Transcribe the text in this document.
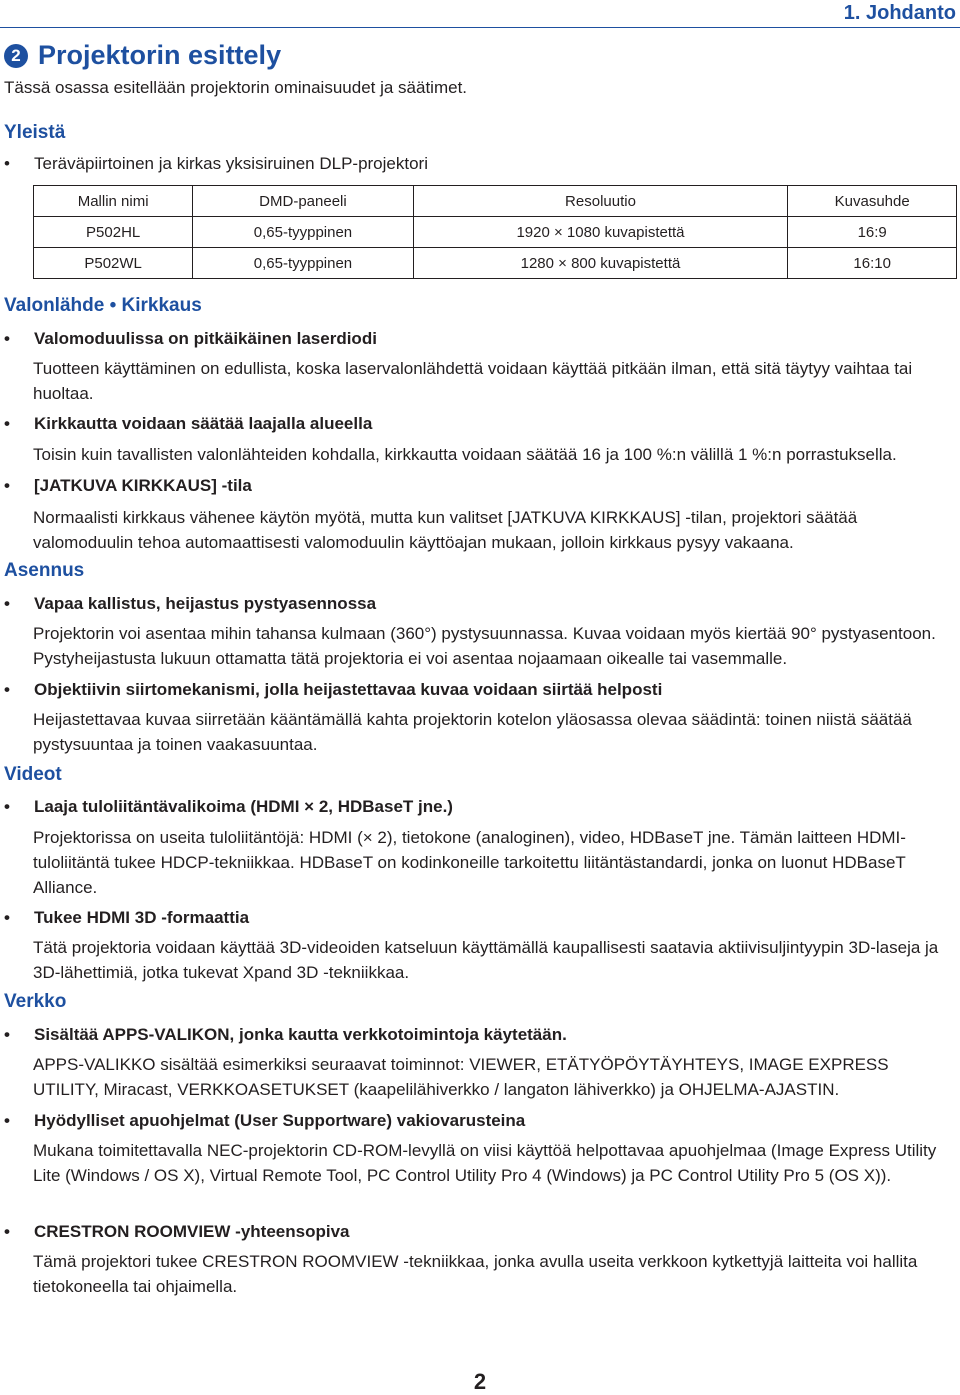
1. Johdanto
2 Projektorin esittely
Tässä osassa esitellään projektorin ominaisuudet ja säätimet.
Yleistä
• Teräväpiirtoinen ja kirkas yksisiruinen DLP-projektori
Mallin nimi	DMD-paneeli	Resoluutio	Kuvasuhde
P502HL	0,65-tyyppinen	1920 × 1080 kuvapistettä	16:9
P502WL	0,65-tyyppinen	1280 × 800 kuvapistettä	16:10
Valonlähde • Kirkkaus
• Valomoduulissa on pitkäikäinen laserdiodi
Tuotteen käyttäminen on edullista, koska laservalonlähdettä voidaan käyttää pitkään ilman, että sitä täytyy vaihtaa tai huoltaa.
• Kirkkautta voidaan säätää laajalla alueella
Toisin kuin tavallisten valonlähteiden kohdalla, kirkkautta voidaan säätää 16 ja 100 %:n välillä 1 %:n porrastuksella.
• [JATKUVA KIRKKAUS] -tila
Normaalisti kirkkaus vähenee käytön myötä, mutta kun valitset [JATKUVA KIRKKAUS] -tilan, projektori säätää valomoduulin tehoa automaattisesti valomoduulin käyttöajan mukaan, jolloin kirkkaus pysyy vakaana.
Asennus
• Vapaa kallistus, heijastus pystyasennossa
Projektorin voi asentaa mihin tahansa kulmaan (360°) pystysuunnassa. Kuvaa voidaan myös kiertää 90° pystyasentoon. Pystyheijastusta lukuun ottamatta tätä projektoria ei voi asentaa nojaamaan oikealle tai vasemmalle.
• Objektiivin siirtomekanismi, jolla heijastettavaa kuvaa voidaan siirtää helposti
Heijastettavaa kuvaa siirretään kääntämällä kahta projektorin kotelon yläosassa olevaa säädintä: toinen niistä säätää pystysuuntaa ja toinen vaakasuuntaa.
Videot
• Laaja tuloliitäntävalikoima (HDMI × 2, HDBaseT jne.)
Projektorissa on useita tuloliitäntöjä: HDMI (× 2), tietokone (analoginen), video, HDBaseT jne. Tämän laitteen HDMI-tuloliitäntä tukee HDCP-tekniikkaa. HDBaseT on kodinkoneille tarkoitettu liitäntästandardi, jonka on luonut HDBaseT Alliance.
• Tukee HDMI 3D -formaattia
Tätä projektoria voidaan käyttää 3D-videoiden katseluun käyttämällä kaupallisesti saatavia aktiivisuljintyypin 3D-laseja ja 3D-lähettimiä, jotka tukevat Xpand 3D -tekniikkaa.
Verkko
• Sisältää APPS-VALIKON, jonka kautta verkkotoimintoja käytetään.
APPS-VALIKKO sisältää esimerkiksi seuraavat toiminnot: VIEWER, ETÄTYÖPÖYTÄYHTEYS, IMAGE EXPRESS UTILITY, Miracast, VERKKOASETUKSET (kaapelilähiverkko / langaton lähiverkko) ja OHJELMA-AJASTIN.
• Hyödylliset apuohjelmat (User Supportware) vakiovarusteina
Mukana toimitettavalla NEC-projektorin CD-ROM-levyllä on viisi käyttöä helpottavaa apuohjelmaa (Image Express Utility Lite (Windows / OS X), Virtual Remote Tool, PC Control Utility Pro 4 (Windows) ja PC Control Utility Pro 5 (OS X)).
• CRESTRON ROOMVIEW -yhteensopiva
Tämä projektori tukee CRESTRON ROOMVIEW -tekniikkaa, jonka avulla useita verkkoon kytkettyjä laitteita voi hallita tietokoneella tai ohjaimella.
2
